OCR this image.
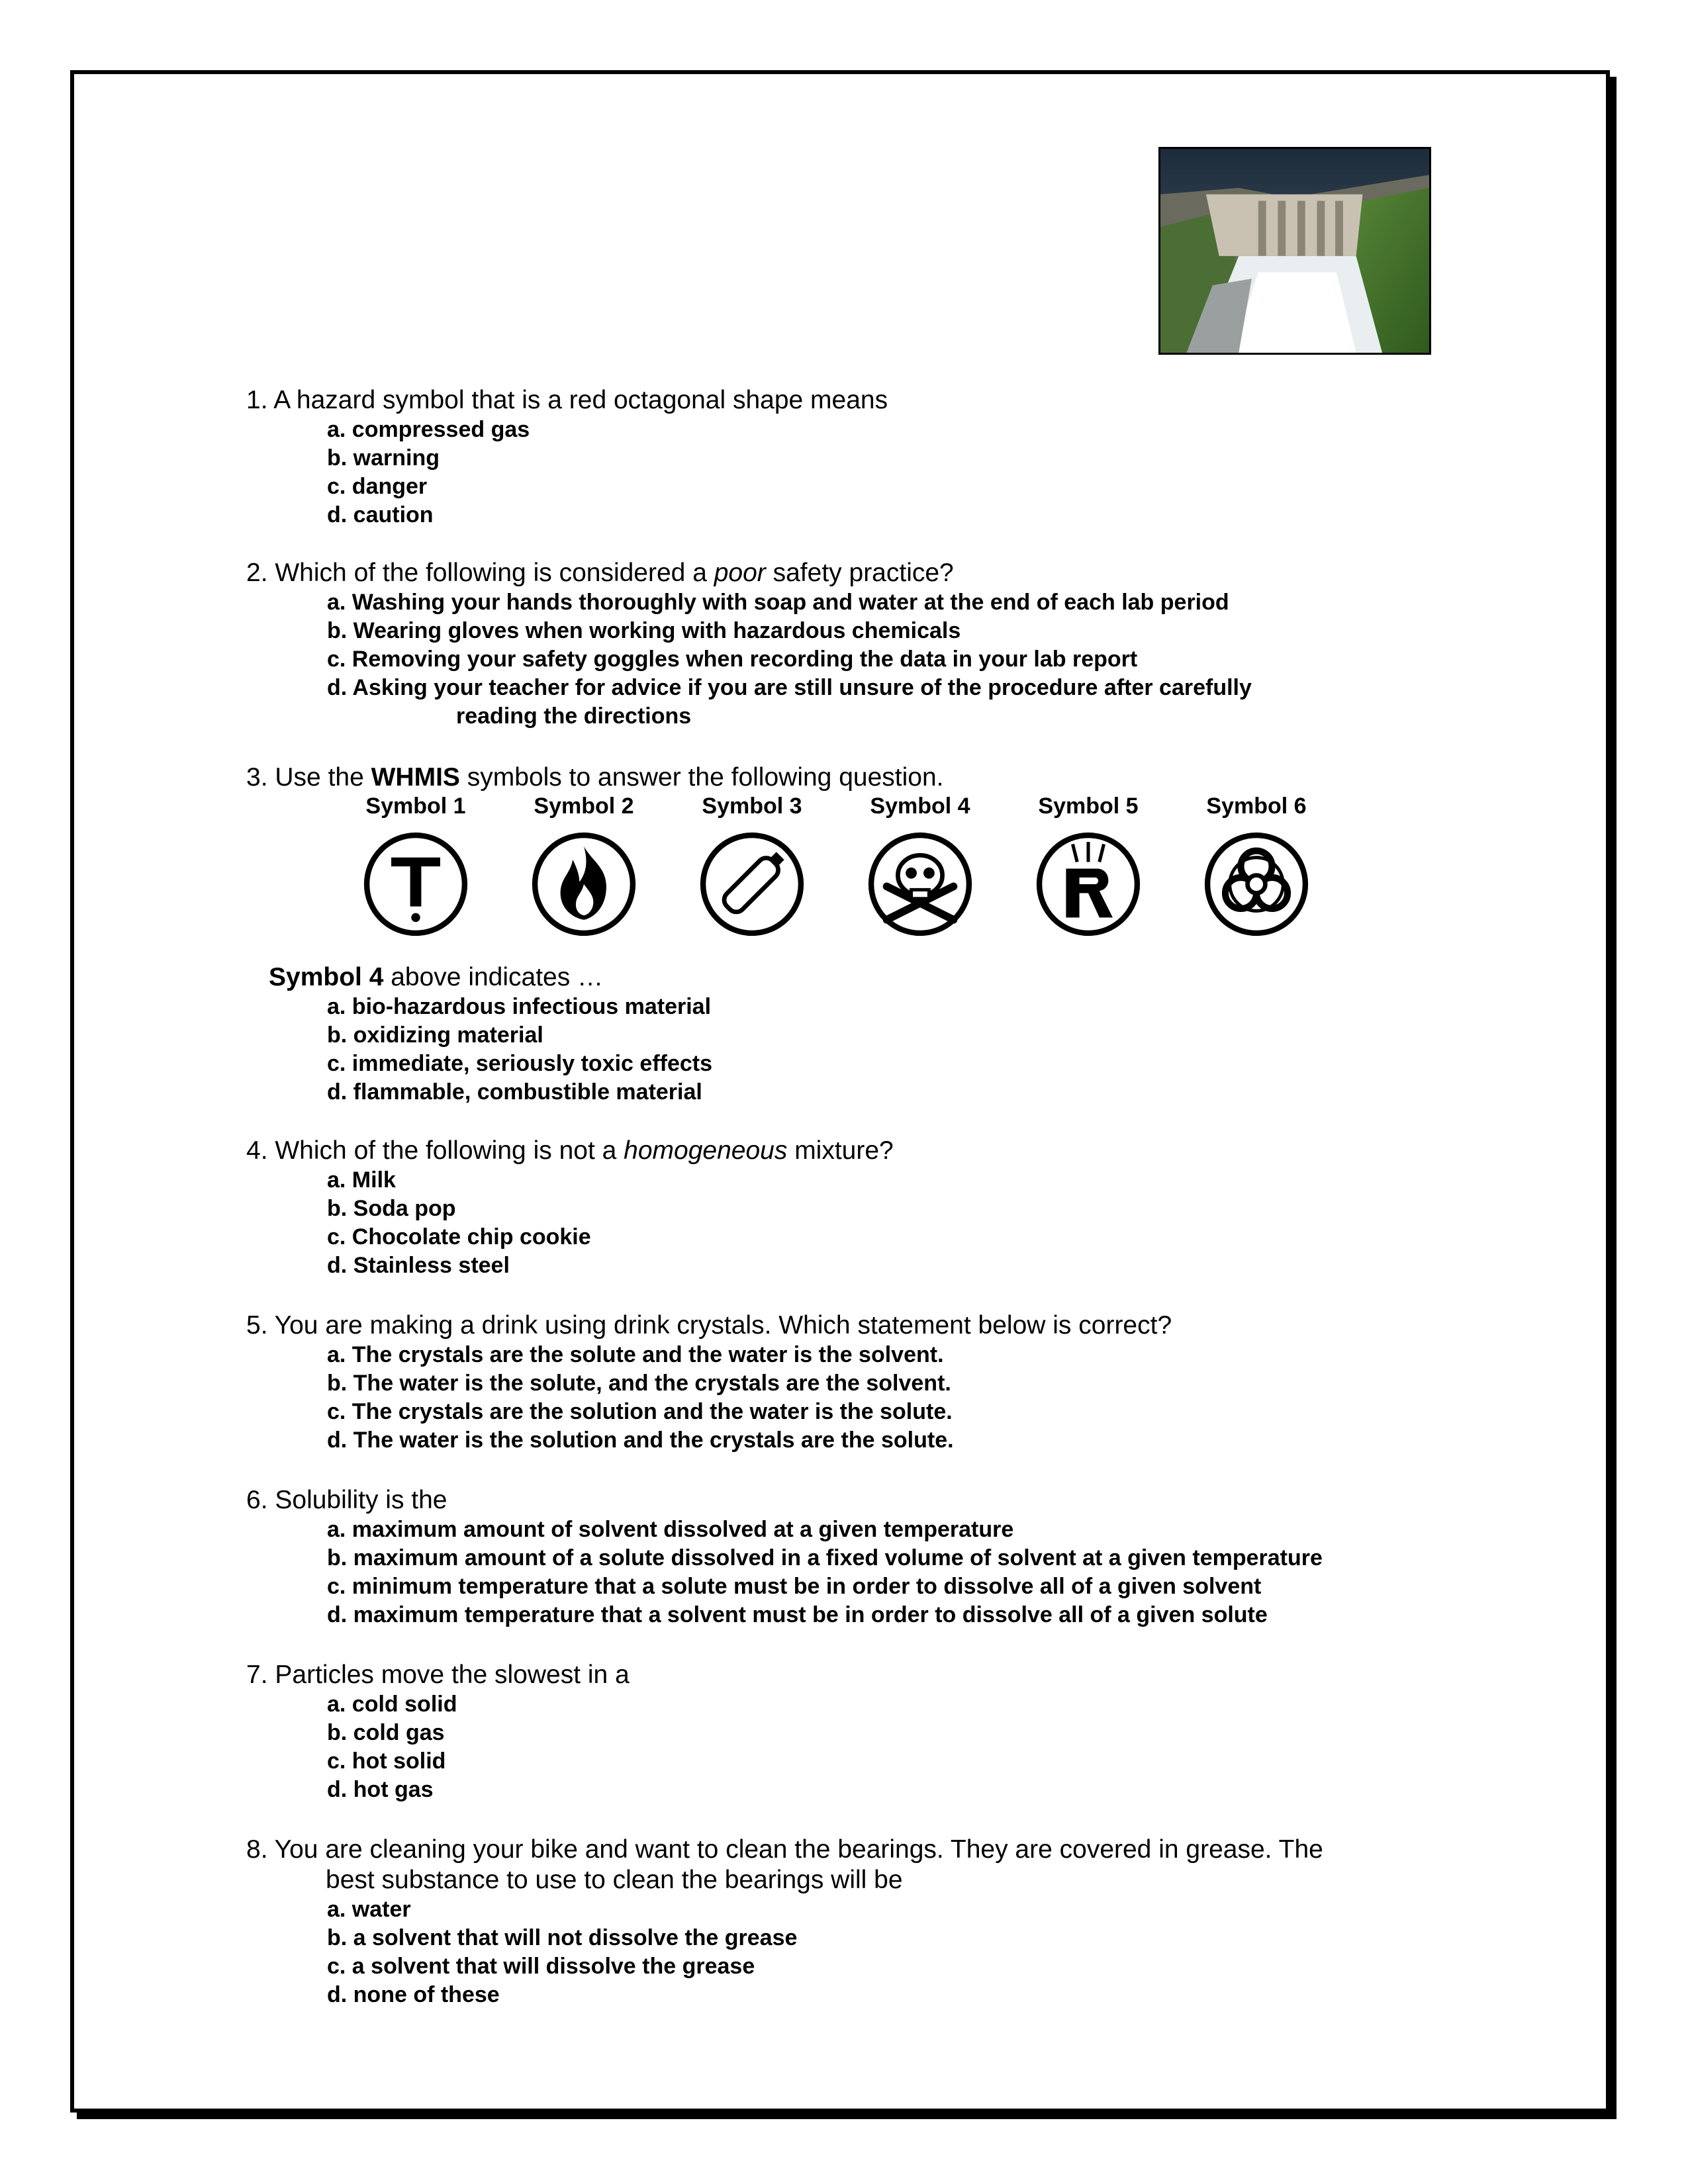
1. A hazard symbol that is a red octagonal shape means
a. compressed gas
b. warning
c. danger
d. caution
2. Which of the following is considered a poor safety practice?
a. Washing your hands thoroughly with soap and water at the end of each lab period
b. Wearing gloves when working with hazardous chemicals
c. Removing your safety goggles when recording the data in your lab report
d. Asking your teacher for advice if you are still unsure of the procedure after carefully
reading the directions
3. Use the WHMIS symbols to answer the following question.
Symbol 1	Symbol 2	Symbol 3	Symbol 4	Symbol 5	Symbol 6
Symbol 4 above indicates …
a. bio-hazardous infectious material
b. oxidizing material
c. immediate, seriously toxic effects
d. flammable, combustible material
4. Which of the following is not a homogeneous mixture?
a. Milk
b. Soda pop
c. Chocolate chip cookie
d. Stainless steel
5. You are making a drink using drink crystals. Which statement below is correct?
a. The crystals are the solute and the water is the solvent.
b. The water is the solute, and the crystals are the solvent.
c. The crystals are the solution and the water is the solute.
d. The water is the solution and the crystals are the solute.
6. Solubility is the
a. maximum amount of solvent dissolved at a given temperature
b. maximum amount of a solute dissolved in a fixed volume of solvent at a given temperature
c. minimum temperature that a solute must be in order to dissolve all of a given solvent
d. maximum temperature that a solvent must be in order to dissolve all of a given solute
7. Particles move the slowest in a
a. cold solid
b. cold gas
c. hot solid
d. hot gas
8. You are cleaning your bike and want to clean the bearings. They are covered in grease. The
best substance to use to clean the bearings will be
a. water
b. a solvent that will not dissolve the grease
c. a solvent that will dissolve the grease
d. none of these
